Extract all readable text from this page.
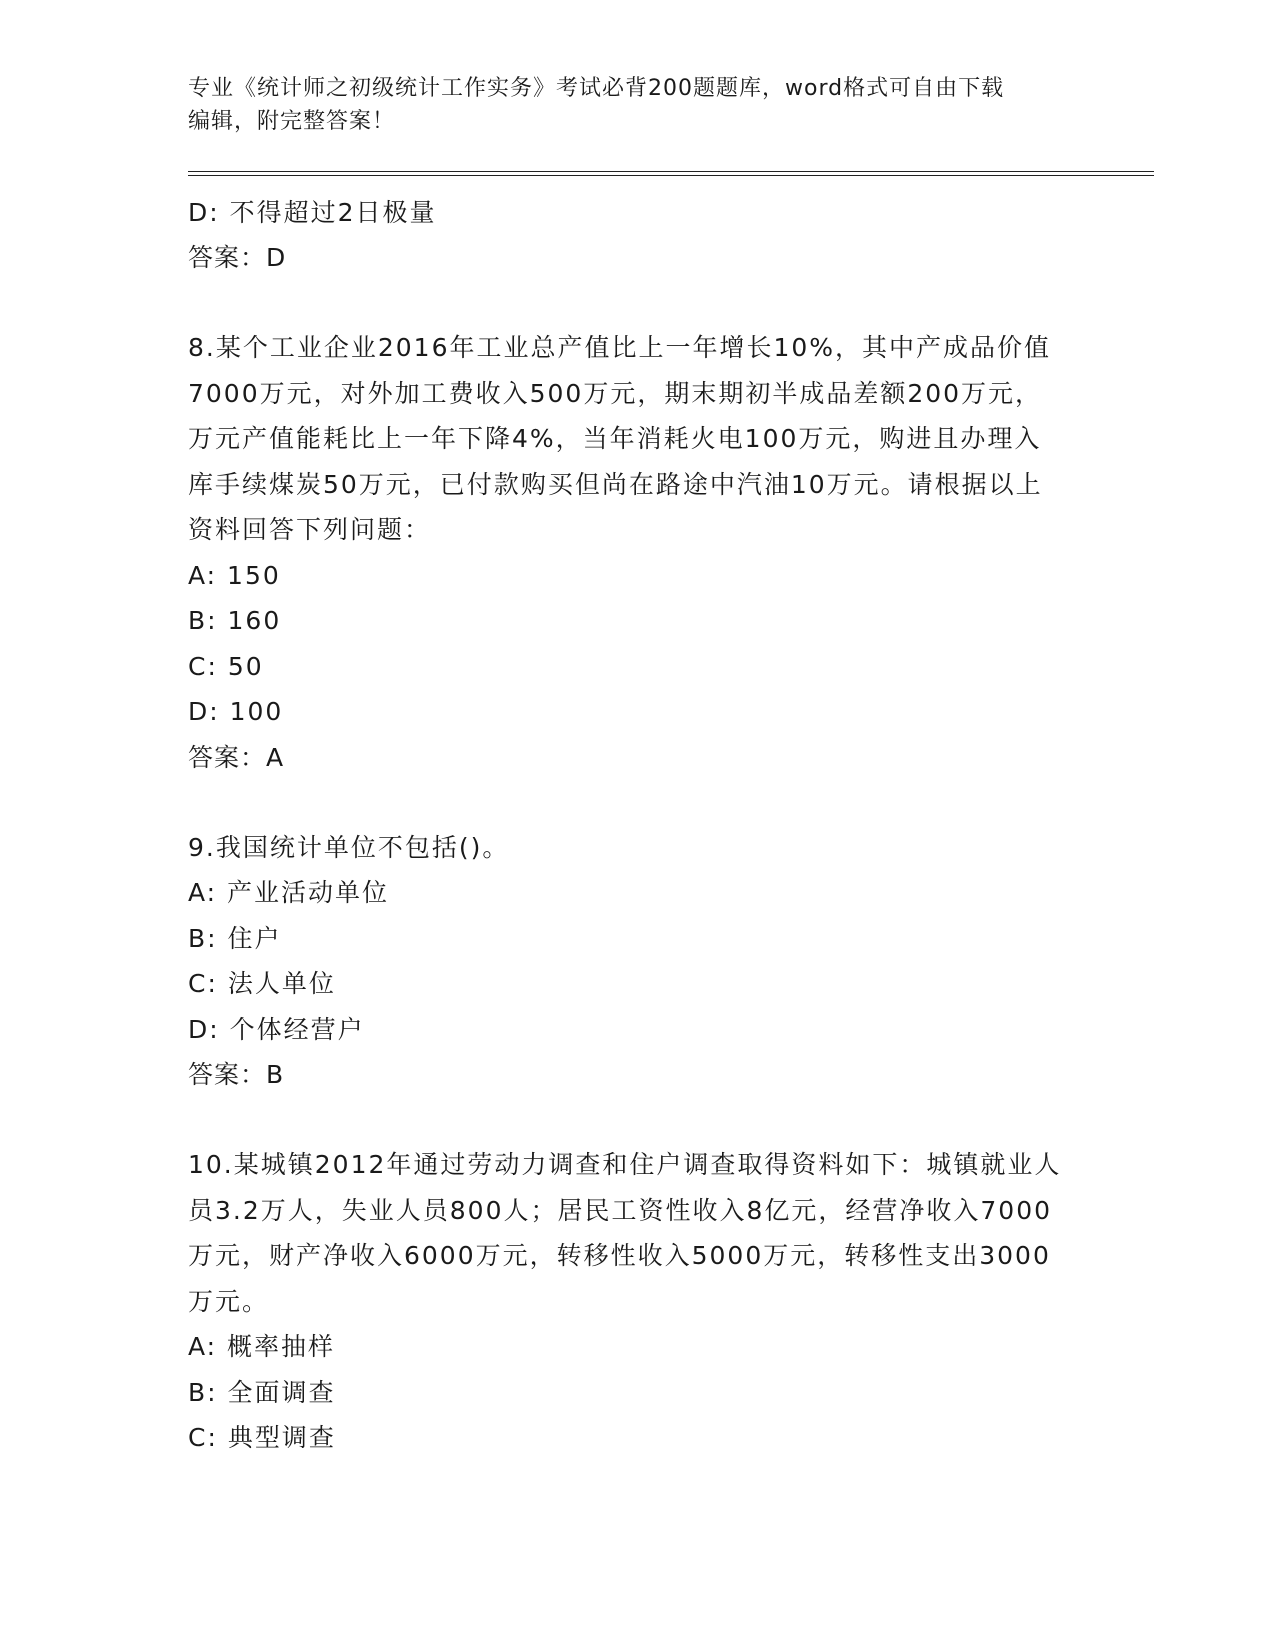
专业《统计师之初级统计工作实务》考试必背200题题库，word格式可自由下载
编辑，附完整答案！
D: 不得超过2日极量
答案：D
8.某个工业企业2016年工业总产值比上一年增长10%，其中产成品价值7000万元，对外加工费收入500万元，期末期初半成品差额200万元，万元产值能耗比上一年下降4%，当年消耗火电100万元，购进且办理入库手续煤炭50万元，已付款购买但尚在路途中汽油10万元。请根据以上资料回答下列问题：
A: 150
B: 160
C: 50
D: 100
答案：A
9.我国统计单位不包括()。
A: 产业活动单位
B: 住户
C: 法人单位
D: 个体经营户
答案：B
10.某城镇2012年通过劳动力调查和住户调查取得资料如下：城镇就业人员3.2万人，失业人员800人；居民工资性收入8亿元，经营净收入7000万元，财产净收入6000万元，转移性收入5000万元，转移性支出3000万元。
A: 概率抽样
B: 全面调查
C: 典型调查
